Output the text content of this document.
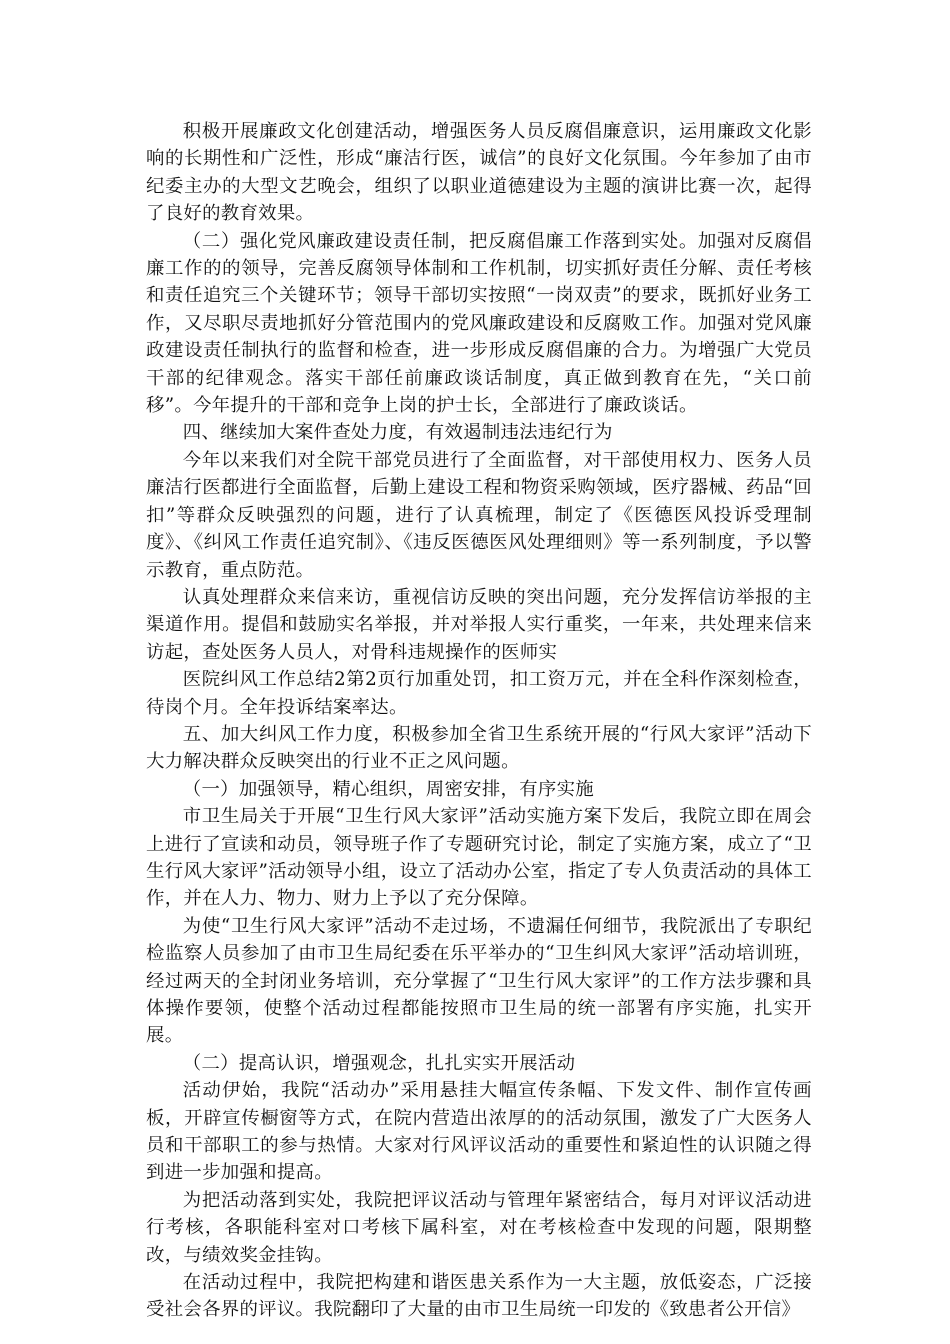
积极开展廉政文化创建活动，增强医务人员反腐倡廉意识，运用廉政文化影响的长期性和广泛性，形成“廉洁行医，诚信”的良好文化氛围。今年参加了由市纪委主办的大型文艺晚会，组织了以职业道德建设为主题的演讲比赛一次，起得了良好的教育效果。

（二）强化党风廉政建设责任制，把反腐倡廉工作落到实处。加强对反腐倡廉工作的的领导，完善反腐领导体制和工作机制，切实抓好责任分解、责任考核和责任追究三个关键环节；领导干部切实按照“一岗双责”的要求，既抓好业务工作，又尽职尽责地抓好分管范围内的党风廉政建设和反腐败工作。加强对党风廉政建设责任制执行的监督和检查，进一步形成反腐倡廉的合力。为增强广大党员干部的纪律观念。落实干部任前廉政谈话制度，真正做到教育在先，“关口前移”。今年提升的干部和竞争上岗的护士长，全部进行了廉政谈话。

四、继续加大案件查处力度，有效遏制违法违纪行为

今年以来我们对全院干部党员进行了全面监督，对干部使用权力、医务人员廉洁行医都进行全面监督，后勤上建设工程和物资采购领域，医疗器械、药品“回扣”等群众反映强烈的问题，进行了认真梳理，制定了《医德医风投诉受理制度》、《纠风工作责任追究制》、《违反医德医风处理细则》等一系列制度，予以警示教育，重点防范。

认真处理群众来信来访，重视信访反映的突出问题，充分发挥信访举报的主渠道作用。提倡和鼓励实名举报，并对举报人实行重奖，一年来，共处理来信来访起，查处医务人员人，对骨科违规操作的医师实

医院纠风工作总结2第2页行加重处罚，扣工资万元，并在全科作深刻检查，待岗个月。全年投诉结案率达。

五、加大纠风工作力度，积极参加全省卫生系统开展的“行风大家评”活动下大力解决群众反映突出的行业不正之风问题。

（一）加强领导，精心组织，周密安排，有序实施

市卫生局关于开展“卫生行风大家评”活动实施方案下发后，我院立即在周会上进行了宣读和动员，领导班子作了专题研究讨论，制定了实施方案，成立了“卫生行风大家评”活动领导小组，设立了活动办公室，指定了专人负责活动的具体工作，并在人力、物力、财力上予以了充分保障。

为使“卫生行风大家评”活动不走过场，不遗漏任何细节，我院派出了专职纪检监察人员参加了由市卫生局纪委在乐平举办的“卫生纠风大家评”活动培训班，经过两天的全封闭业务培训，充分掌握了“卫生行风大家评”的工作方法步骤和具体操作要领，使整个活动过程都能按照市卫生局的统一部署有序实施，扎实开展。

（二）提高认识，增强观念，扎扎实实开展活动

活动伊始，我院“活动办”采用悬挂大幅宣传条幅、下发文件、制作宣传画板，开辟宣传橱窗等方式，在院内营造出浓厚的的活动氛围，激发了广大医务人员和干部职工的参与热情。大家对行风评议活动的重要性和紧迫性的认识随之得到进一步加强和提高。

为把活动落到实处，我院把评议活动与管理年紧密结合，每月对评议活动进行考核，各职能科室对口考核下属科室，对在考核检查中发现的问题，限期整改，与绩效奖金挂钩。

在活动过程中，我院把构建和谐医患关系作为一大主题，放低姿态，广泛接受社会各界的评议。我院翻印了大量的由市卫生局统一印发的《致患者公开信》
